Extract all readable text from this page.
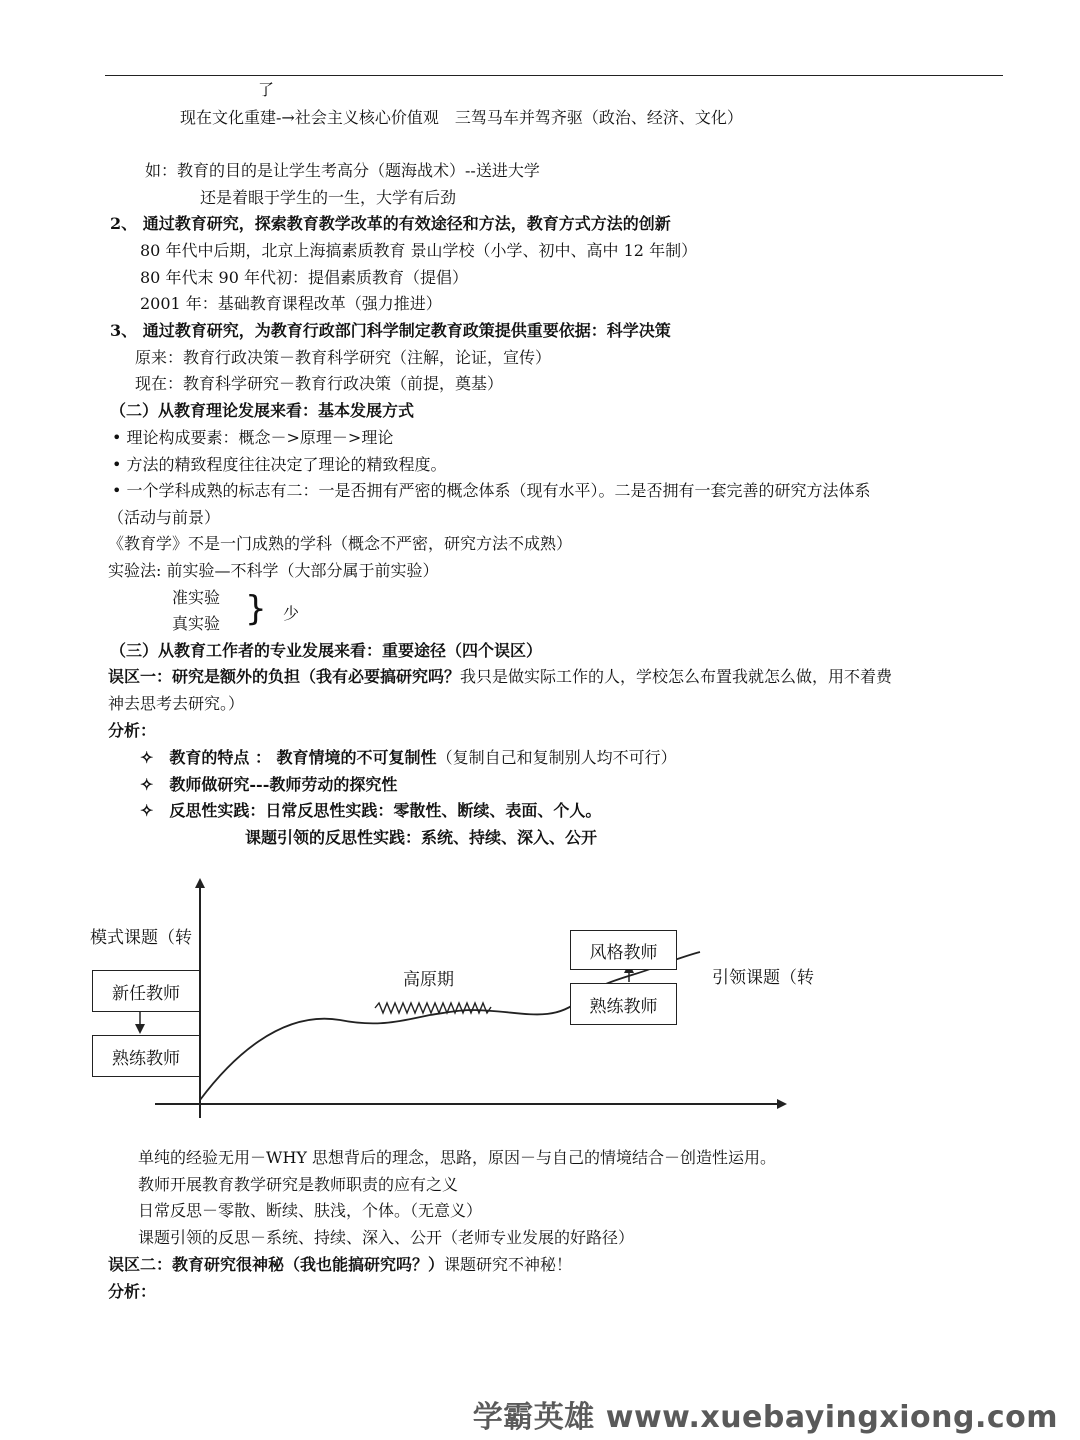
了
现在文化重建-→社会主义核心价值观　三驾马车并驾齐驱（政治、经济、文化）
如：教育的目的是让学生考高分（题海战术）--送进大学
还是着眼于学生的一生，大学有后劲
2、 通过教育研究，探索教育教学改革的有效途径和方法，教育方式方法的创新
80 年代中后期，北京上海搞素质教育 景山学校（小学、初中、高中 12 年制）
80 年代末 90 年代初：提倡素质教育（提倡）
2001 年：基础教育课程改革（强力推进）
3、 通过教育研究，为教育行政部门科学制定教育政策提供重要依据：科学决策
原来：教育行政决策－教育科学研究（注解，论证，宣传）
现在：教育科学研究－教育行政决策（前提，奠基）
（二）从教育理论发展来看：基本发展方式
• 理论构成要素：概念－>原理－>理论
• 方法的精致程度往往决定了理论的精致程度。
• 一个学科成熟的标志有二：一是否拥有严密的概念体系（现有水平）。二是否拥有一套完善的研究方法体系
（活动与前景）
《教育学》不是一门成熟的学科（概念不严密，研究方法不成熟）
实验法: 前实验—不科学（大部分属于前实验）
准实验
真实验 } 少
（三）从教育工作者的专业发展来看：重要途径（四个误区）
误区一：研究是额外的负担（我有必要搞研究吗？我只是做实际工作的人，学校怎么布置我就怎么做，用不着费
神去思考去研究。）
分析：
✧　教育的特点 ： 教育情境的不可复制性（复制自己和复制别人均不可行）
✧　教师做研究---教师劳动的探究性
✧　反思性实践：日常反思性实践：零散性、断续、表面、个人。
课题引领的反思性实践：系统、持续、深入、公开
模式课题（转
引领课题（转
高原期
新任教师
熟练教师
风格教师
熟练教师
单纯的经验无用－WHY 思想背后的理念，思路，原因－与自己的情境结合－创造性运用。
教师开展教育教学研究是教师职责的应有之义
日常反思－零散、断续、肤浅，个体。（无意义）
课题引领的反思－系统、持续、深入、公开（老师专业发展的好路径）
误区二：教育研究很神秘（我也能搞研究吗？）课题研究不神秘！
分析：
学霸英雄 www.xuebayingxiong.com
